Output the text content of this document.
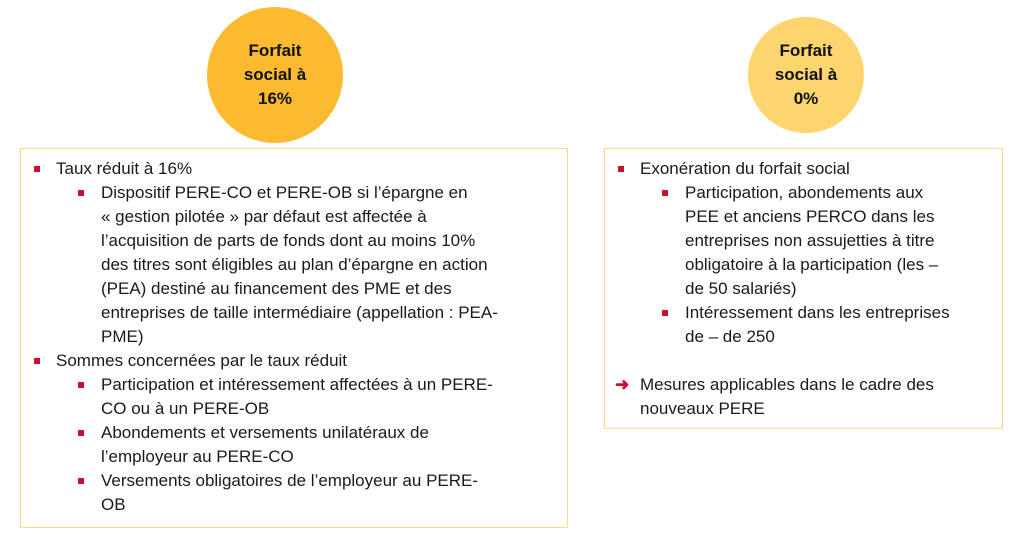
Forfait
social à
16%
Forfait
social à
0%
Taux réduit à 16%
Dispositif PERE-CO et PERE-OB si l’épargne en
« gestion pilotée » par défaut est affectée à
l’acquisition de parts de fonds dont au moins 10%
des titres sont éligibles au plan d’épargne en action
(PEA) destiné au financement des PME et des
entreprises de taille intermédiaire (appellation : PEA-
PME)
Sommes concernées par le taux réduit
Participation et intéressement affectées à un PERE-
CO ou à un PERE-OB
Abondements et versements unilatéraux de
l’employeur au PERE-CO
Versements obligatoires de l’employeur au PERE-
OB
Exonération du forfait social
Participation, abondements aux
PEE et anciens PERCO dans les
entreprises non assujetties à titre
obligatoire à la participation (les –
de 50 salariés)
Intéressement dans les entreprises
de – de 250
➜ Mesures applicables dans le cadre des
nouveaux PERE
